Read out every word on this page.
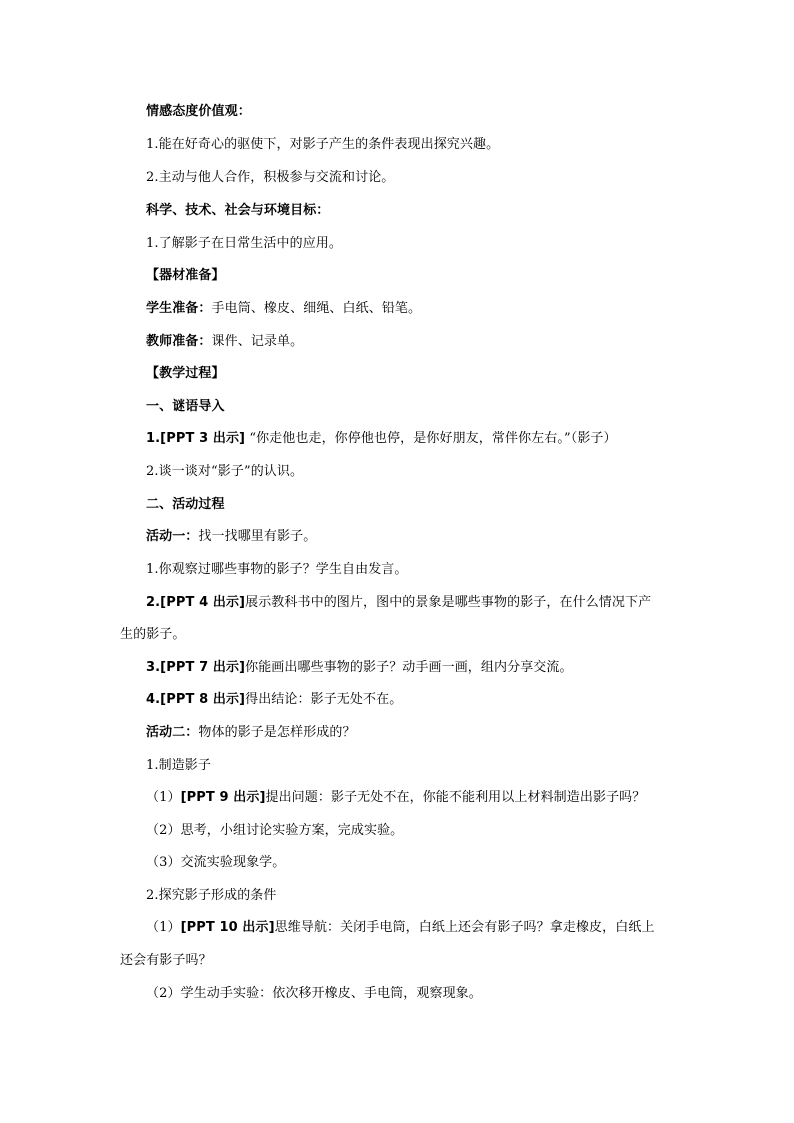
情感态度价值观：
1.能在好奇心的驱使下，对影子产生的条件表现出探究兴趣。
2.主动与他人合作，积极参与交流和讨论。
科学、技术、社会与环境目标：
1.了解影子在日常生活中的应用。
【器材准备】
学生准备：手电筒、橡皮、细绳、白纸、铅笔。
教师准备：课件、记录单。
【教学过程】
一、谜语导入
1.[PPT 3 出示] “你走他也走，你停他也停，是你好朋友，常伴你左右。”（影子）
2.谈一谈对“影子”的认识。
二、活动过程
活动一：找一找哪里有影子。
1.你观察过哪些事物的影子？学生自由发言。
2.[PPT 4 出示]展示教科书中的图片，图中的景象是哪些事物的影子，在什么情况下产
生的影子。
3.[PPT 7 出示]你能画出哪些事物的影子？动手画一画，组内分享交流。
4.[PPT 8 出示]得出结论：影子无处不在。
活动二：物体的影子是怎样形成的？
1.制造影子
（1）[PPT 9 出示]提出问题：影子无处不在，你能不能利用以上材料制造出影子吗？
（2）思考，小组讨论实验方案，完成实验。
（3）交流实验现象学。
2.探究影子形成的条件
（1）[PPT 10 出示]思维导航：关闭手电筒，白纸上还会有影子吗？拿走橡皮，白纸上
还会有影子吗？
（2）学生动手实验：依次移开橡皮、手电筒，观察现象。
